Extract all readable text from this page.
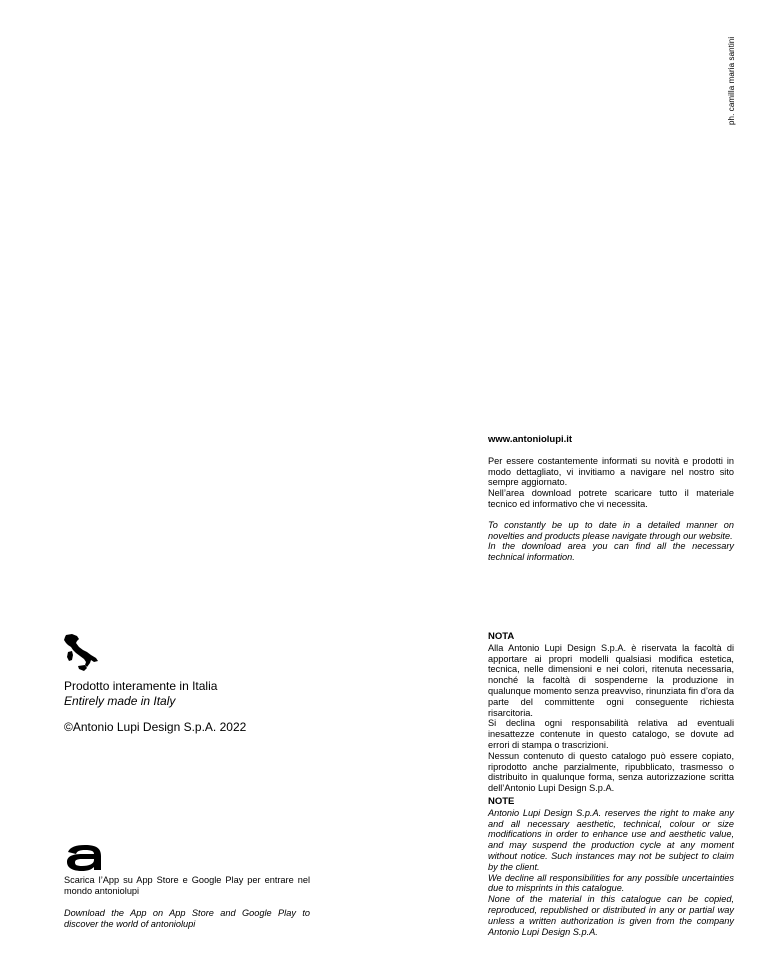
ph. camilla maria santini
www.antoniolupi.it

Per essere costantemente informati su novità e prodotti in modo dettagliato, vi invitiamo a navigare nel nostro sito sempre aggiornato.

Nell’area download potrete scaricare tutto il materiale tecnico ed informativo che vi necessita.

To constantly be up to date in a detailed manner on novelties and products please navigate through our website.

In the download area you can find all the necessary technical information.

NOTA

Alla Antonio Lupi Design S.p.A. è riservata la facoltà di apportare ai propri modelli qualsiasi modifica estetica, tecnica, nelle dimensioni e nei colori, ritenuta necessaria, nonché la facoltà di sospenderne la produzione in qualunque momento senza preavviso, rinunziata fin d’ora da parte del committente ogni conseguente richiesta risarcitoria.

Si declina ogni responsabilità relativa ad eventuali inesattezze contenute in questo catalogo, se dovute ad errori di stampa o trascrizioni.

Nessun contenuto di questo catalogo può essere copiato, riprodotto anche parzialmente, ripubblicato, trasmesso o distribuito in qualunque forma, senza autorizzazione scritta dell’Antonio Lupi Design S.p.A.

NOTE

Antonio Lupi Design S.p.A. reserves the right to make any and all necessary aesthetic, technical, colour or size modifications in order to enhance use and aesthetic value, and may suspend the production cycle at any moment without notice. Such instances may not be subject to claim by the client.

We decline all responsibilities for any possible uncertainties due to misprints in this catalogue.

None of the material in this catalogue can be copied, reproduced, republished or distributed in any or partial way unless a written authorization is given from the company Antonio Lupi Design S.p.A.

Prodotto interamente in Italia
Entirely made in Italy
©Antonio Lupi Design S.p.A. 2022
Scarica l’App su App Store e Google Play per entrare nel mondo antoniolupi
Download the App on App Store and Google Play to discover the world of antoniolupi
